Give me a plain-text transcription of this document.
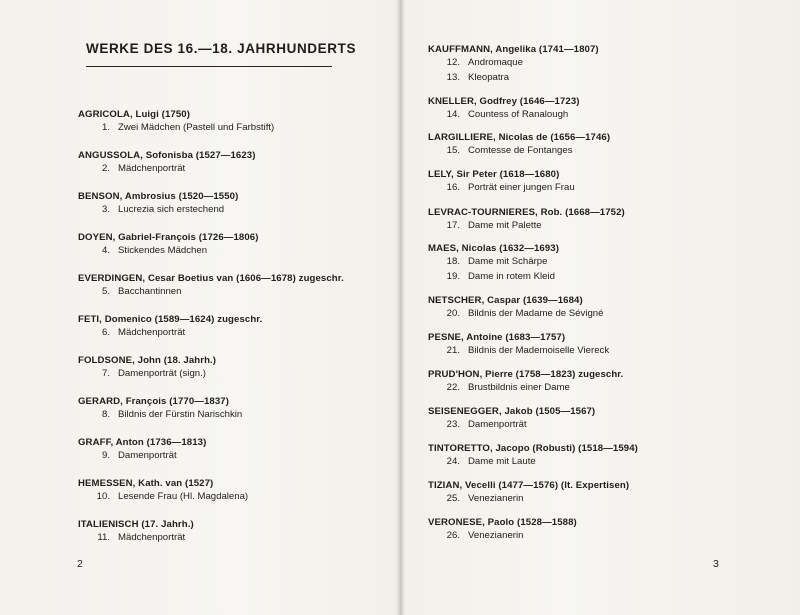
WERKE DES 16.—18. JAHRHUNDERTS
AGRICOLA, Luigi (1750)
1. Zwei Mädchen (Pastell und Farbstift)
ANGUSSOLA, Sofonisba (1527—1623)
2. Mädchenporträt
BENSON, Ambrosius (1520—1550)
3. Lucrezia sich erstechend
DOYEN, Gabriel-François (1726—1806)
4. Stickendes Mädchen
EVERDINGEN, Cesar Boetius van (1606—1678) zugeschr.
5. Bacchantinnen
FETI, Domenico (1589—1624) zugeschr.
6. Mädchenporträt
FOLDSONE, John (18. Jahrh.)
7. Damenporträt (sign.)
GERARD, François (1770—1837)
8. Bildnis der Fürstin Narischkin
GRAFF, Anton (1736—1813)
9. Damenporträt
HEMESSEN, Kath. van (1527)
10. Lesende Frau (Hl. Magdalena)
ITALIENISCH (17. Jahrh.)
11. Mädchenporträt
2
KAUFFMANN, Angelika (1741—1807)
12. Andromaque
13. Kleopatra
KNELLER, Godfrey (1646—1723)
14. Countess of Ranalough
LARGILLIERE, Nicolas de (1656—1746)
15. Comtesse de Fontanges
LELY, Sir Peter (1618—1680)
16. Porträt einer jungen Frau
LEVRAC-TOURNIERES, Rob. (1668—1752)
17. Dame mit Palette
MAES, Nicolas (1632—1693)
18. Dame mit Schärpe
19. Dame in rotem Kleid
NETSCHER, Caspar (1639—1684)
20. Bildnis der Madame de Sévigné
PESNE, Antoine (1683—1757)
21. Bildnis der Mademoiselle Viereck
PRUD'HON, Pierre (1758—1823) zugeschr.
22. Brustbildnis einer Dame
SEISENEGGER, Jakob (1505—1567)
23. Damenporträt
TINTORETTO, Jacopo (Robusti) (1518—1594)
24. Dame mit Laute
TIZIAN, Vecelli (1477—1576) (lt. Expertisen)
25. Venezianerin
VERONESE, Paolo (1528—1588)
26. Venezianerin
3
